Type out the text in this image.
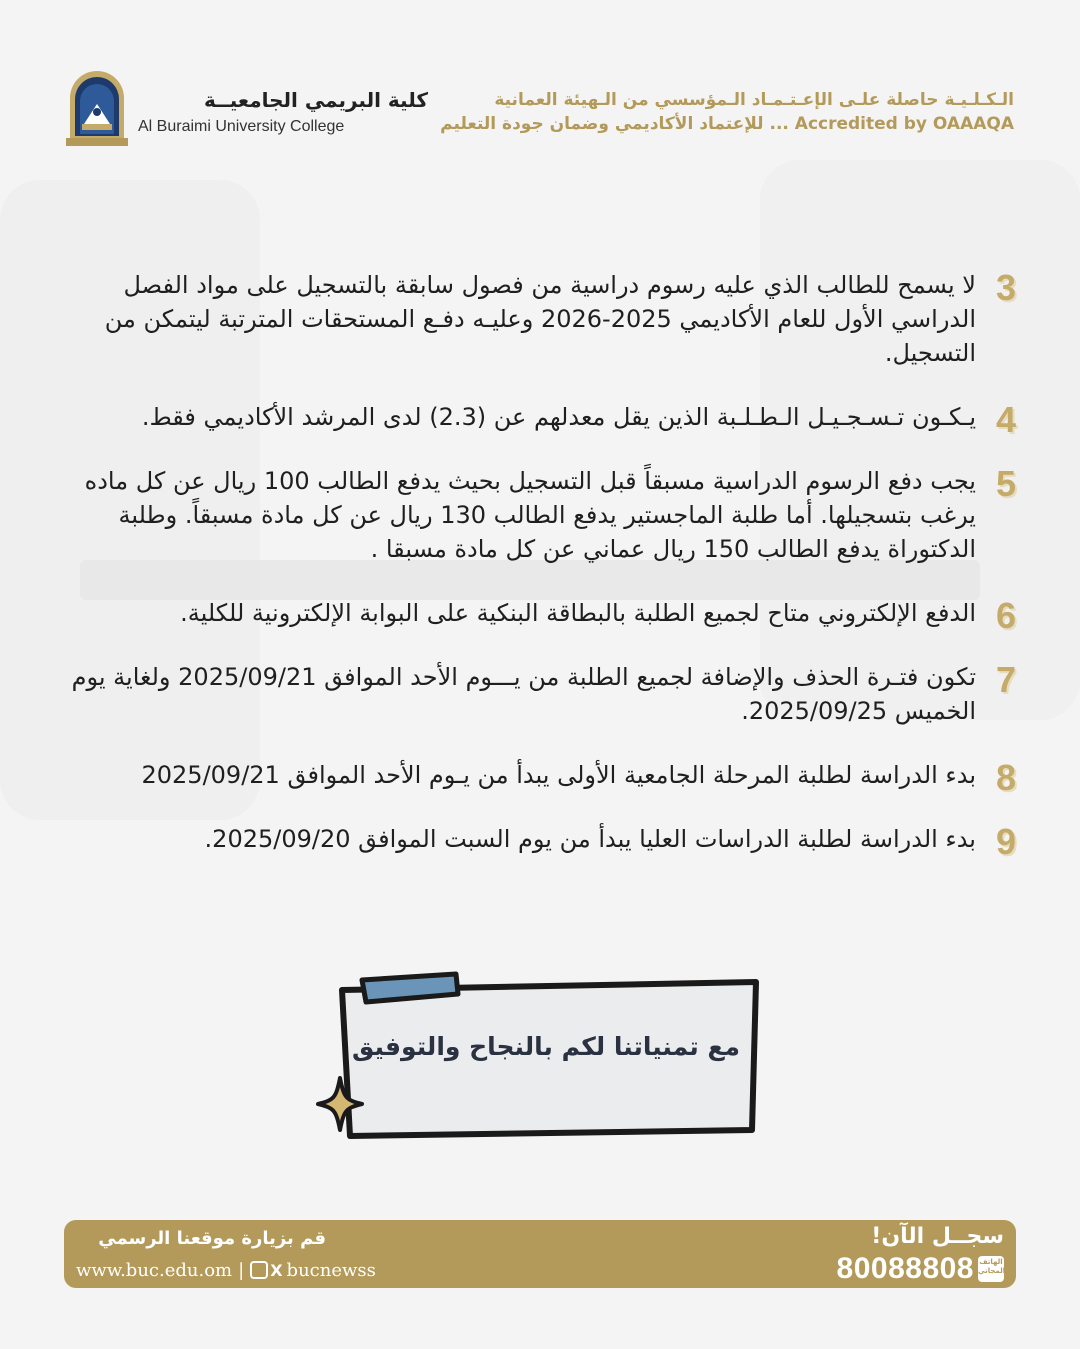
كلية البريمي الجامعيــة
Al Buraimi University College
الـكـلـيـة حاصلة علـى الإعـتـمـاد الـمؤسسي من الـهيئة العمانية
Accredited by OAAAQA ... للإعتماد الأكاديمي وضمان جودة التعليم
3
لا يسمح للطالب الذي عليه رسوم دراسية من فصول سابقة بالتسجيل على مواد الفصل الدراسي الأول للعام الأكاديمي 2025-2026 وعليـه دفـع المستحقات المترتبة ليتمكن من التسجيل.
4
يـكـون تـسـجـيـل الـطـلـبة الذين يقل معدلهم عن (2.3) لدى المرشد الأكاديمي فقط.
5
يجب دفع الرسوم الدراسية مسبقاً قبل التسجيل بحيث يدفع الطالب 100 ريال عن كل ماده يرغب بتسجيلها. أما طلبة الماجستير يدفع الطالب 130 ريال عن كل مادة مسبقاً. وطلبة الدكتوراة يدفع الطالب 150 ريال عماني عن كل مادة مسبقا .
6
الدفع الإلكتروني متاح لجميع الطلبة بالبطاقة البنكية على البوابة الإلكترونية للكلية.
7
تكون فتـرة الحذف والإضافة لجميع الطلبة من يـــوم الأحد الموافق 2025/09/21 ولغاية يوم الخميس 2025/09/25.
8
بدء الدراسة لطلبة المرحلة الجامعية الأولى يبدأ من يـوم الأحد الموافق 2025/09/21
9
بدء الدراسة لطلبة الدراسات العليا يبدأ من يوم السبت الموافق 2025/09/20.
مع تمنياتنا لكم بالنجاح والتوفيق
قم بزيارة موقعنا الرسمي
www.buc.edu.om | X bucnewss
سجــل الآن!
80088808 الهاتف المجاني
